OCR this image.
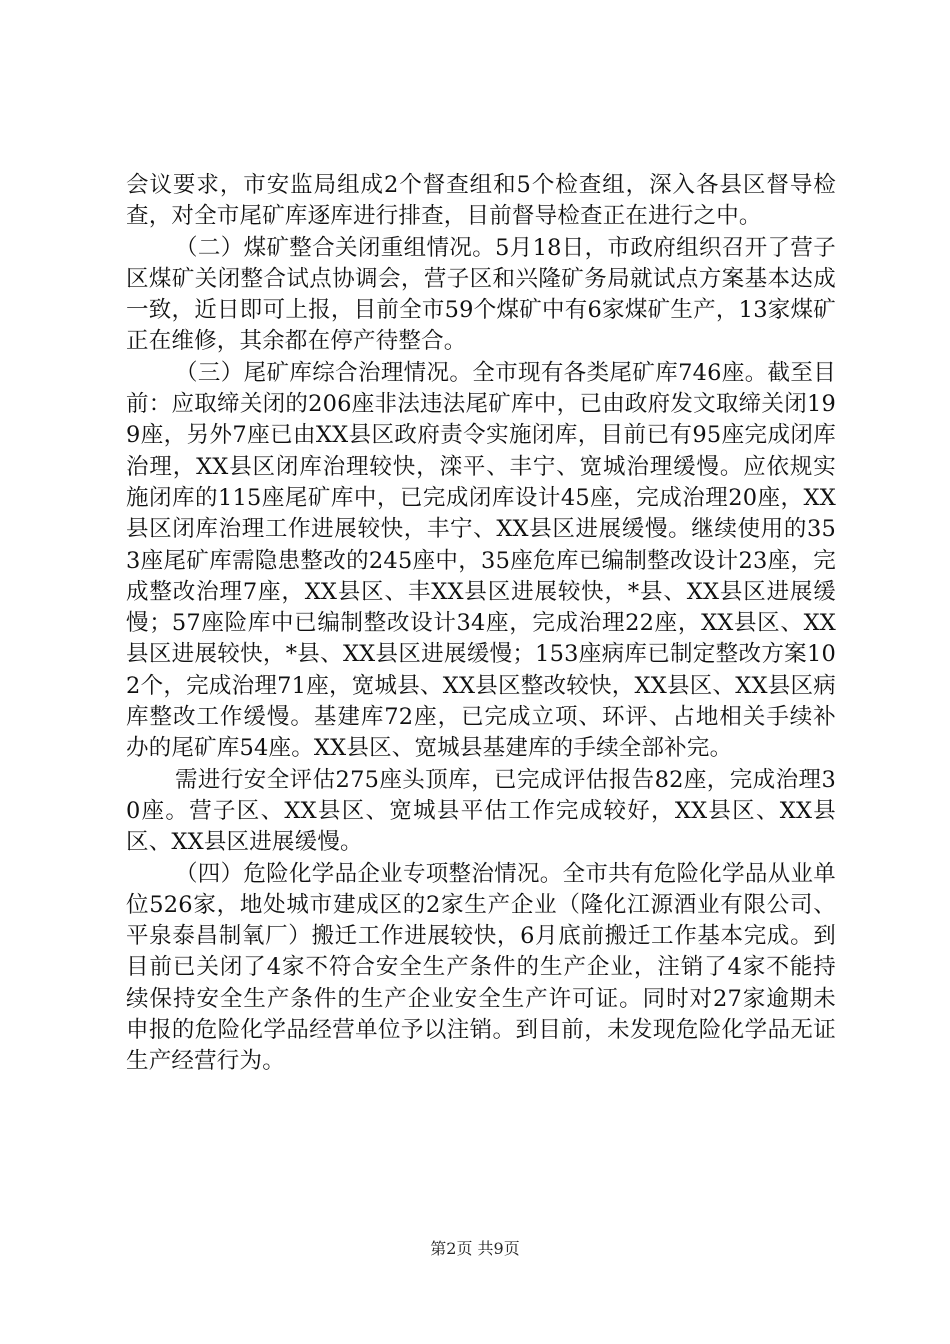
会议要求，市安监局组成2个督查组和5个检查组，深入各县区督导检查，对全市尾矿库逐库进行排查，目前督导检查正在进行之中。

（二）煤矿整合关闭重组情况。5月18日，市政府组织召开了营子区煤矿关闭整合试点协调会，营子区和兴隆矿务局就试点方案基本达成一致，近日即可上报，目前全市59个煤矿中有6家煤矿生产，13家煤矿正在维修，其余都在停产待整合。

（三）尾矿库综合治理情况。全市现有各类尾矿库746座。截至目前：应取缔关闭的206座非法违法尾矿库中，已由政府发文取缔关闭199座，另外7座已由XX县区政府责令实施闭库，目前已有95座完成闭库治理，XX县区闭库治理较快，滦平、丰宁、宽城治理缓慢。应依规实施闭库的115座尾矿库中，已完成闭库设计45座，完成治理20座，XX县区闭库治理工作进展较快，丰宁、XX县区进展缓慢。继续使用的353座尾矿库需隐患整改的245座中，35座危库已编制整改设计23座，完成整改治理7座，XX县区、丰XX县区进展较快，*县、XX县区进展缓慢；57座险库中已编制整改设计34座，完成治理22座，XX县区、XX县区进展较快，*县、XX县区进展缓慢；153座病库已制定整改方案102个，完成治理71座，宽城县、XX县区整改较快，XX县区、XX县区病库整改工作缓慢。基建库72座，已完成立项、环评、占地相关手续补办的尾矿库54座。XX县区、宽城县基建库的手续全部补完。

需进行安全评估275座头顶库，已完成评估报告82座，完成治理30座。营子区、XX县区、宽城县平估工作完成较好，XX县区、XX县区、XX县区进展缓慢。

（四）危险化学品企业专项整治情况。全市共有危险化学品从业单位526家，地处城市建成区的2家生产企业（隆化江源酒业有限公司、平泉泰昌制氧厂）搬迁工作进展较快，6月底前搬迁工作基本完成。到目前已关闭了4家不符合安全生产条件的生产企业，注销了4家不能持续保持安全生产条件的生产企业安全生产许可证。同时对27家逾期未申报的危险化学品经营单位予以注销。到目前，未发现危险化学品无证生产经营行为。

第2页 共9页
